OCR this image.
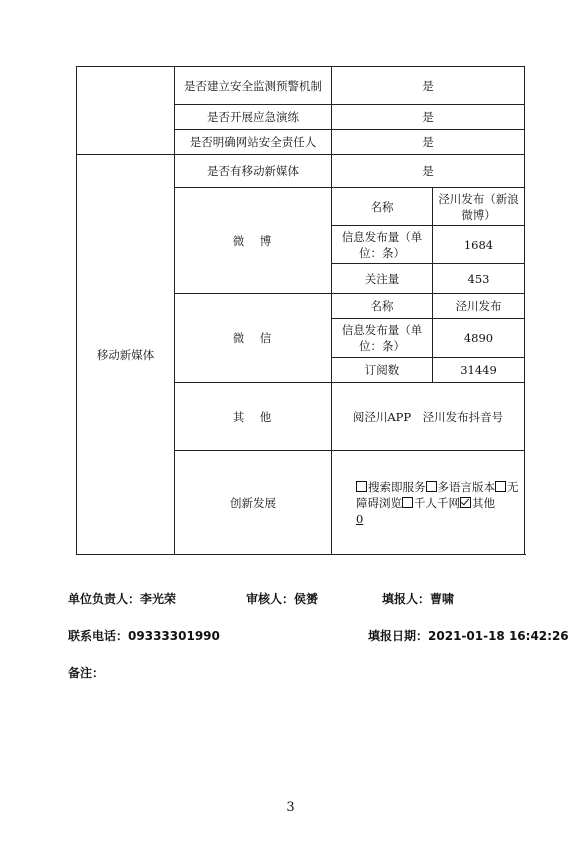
	是否建立安全监测预警机制	是	
	是否开展应急演练	是	
	是否明确网站安全责任人	是	
移动新媒体	是否有移动新媒体	是	
	微　博	名称	泾川发布（新浪微博）
		信息发布量（单位：条）	1684
		关注量	453
	微　信	名称	泾川发布
		信息发布量（单位：条）	4890
		订阅数	31449
	其　他	阅泾川APP　泾川发布抖音号	
	创新发展	搜索即服务 多语言版本 无障碍浏览 千人千网 其他
0	
单位负责人：李光荣	审核人：侯赟	填报人：曹啸
联系电话：09333301990	填报日期：2021-01-18 16:42:26
备注：
3
